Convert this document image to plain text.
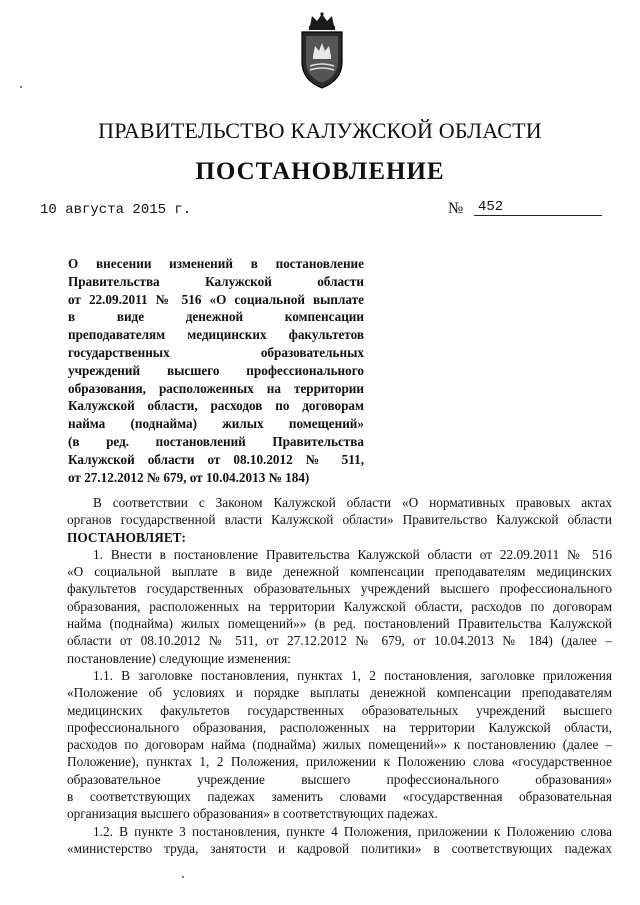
ПРАВИТЕЛЬСТВО КАЛУЖСКОЙ ОБЛАСТИ
ПОСТАНОВЛЕНИЕ
10 августа 2015 г.	№ 452
О внесении изменений в постановление
Правительства Калужской области
от 22.09.2011 № 516 «О социальной выплате
в виде денежной компенсации
преподавателям медицинских факультетов
государственных образовательных
учреждений высшего профессионального
образования, расположенных на территории
Калужской области, расходов по договорам
найма (поднайма) жилых помещений»
(в ред. постановлений Правительства
Калужской области от 08.10.2012 № 511,
от 27.12.2012 № 679, от 10.04.2013 № 184)
В соответствии с Законом Калужской области «О нормативных правовых актах
органов государственной власти Калужской области» Правительство Калужской области
ПОСТАНОВЛЯЕТ:
1. Внести в постановление Правительства Калужской области от 22.09.2011 № 516
«О социальной выплате в виде денежной компенсации преподавателям медицинских
факультетов государственных образовательных учреждений высшего профессионального
образования, расположенных на территории Калужской области, расходов по договорам
найма (поднайма) жилых помещений»» (в ред. постановлений Правительства Калужской
области от 08.10.2012 № 511, от 27.12.2012 № 679, от 10.04.2013 № 184) (далее –
постановление) следующие изменения:
1.1. В заголовке постановления, пунктах 1, 2 постановления, заголовке приложения
«Положение об условиях и порядке выплаты денежной компенсации преподавателям
медицинских факультетов государственных образовательных учреждений высшего
профессионального образования, расположенных на территории Калужской области,
расходов по договорам найма (поднайма) жилых помещений»» к постановлению (далее –
Положение), пунктах 1, 2 Положения, приложении к Положению слова «государственное
образовательное учреждение высшего профессионального образования»
в соответствующих падежах заменить словами «государственная образовательная
организация высшего образования» в соответствующих падежах.
1.2. В пункте 3 постановления, пункте 4 Положения, приложении к Положению слова
«министерство труда, занятости и кадровой политики» в соответствующих падежах
